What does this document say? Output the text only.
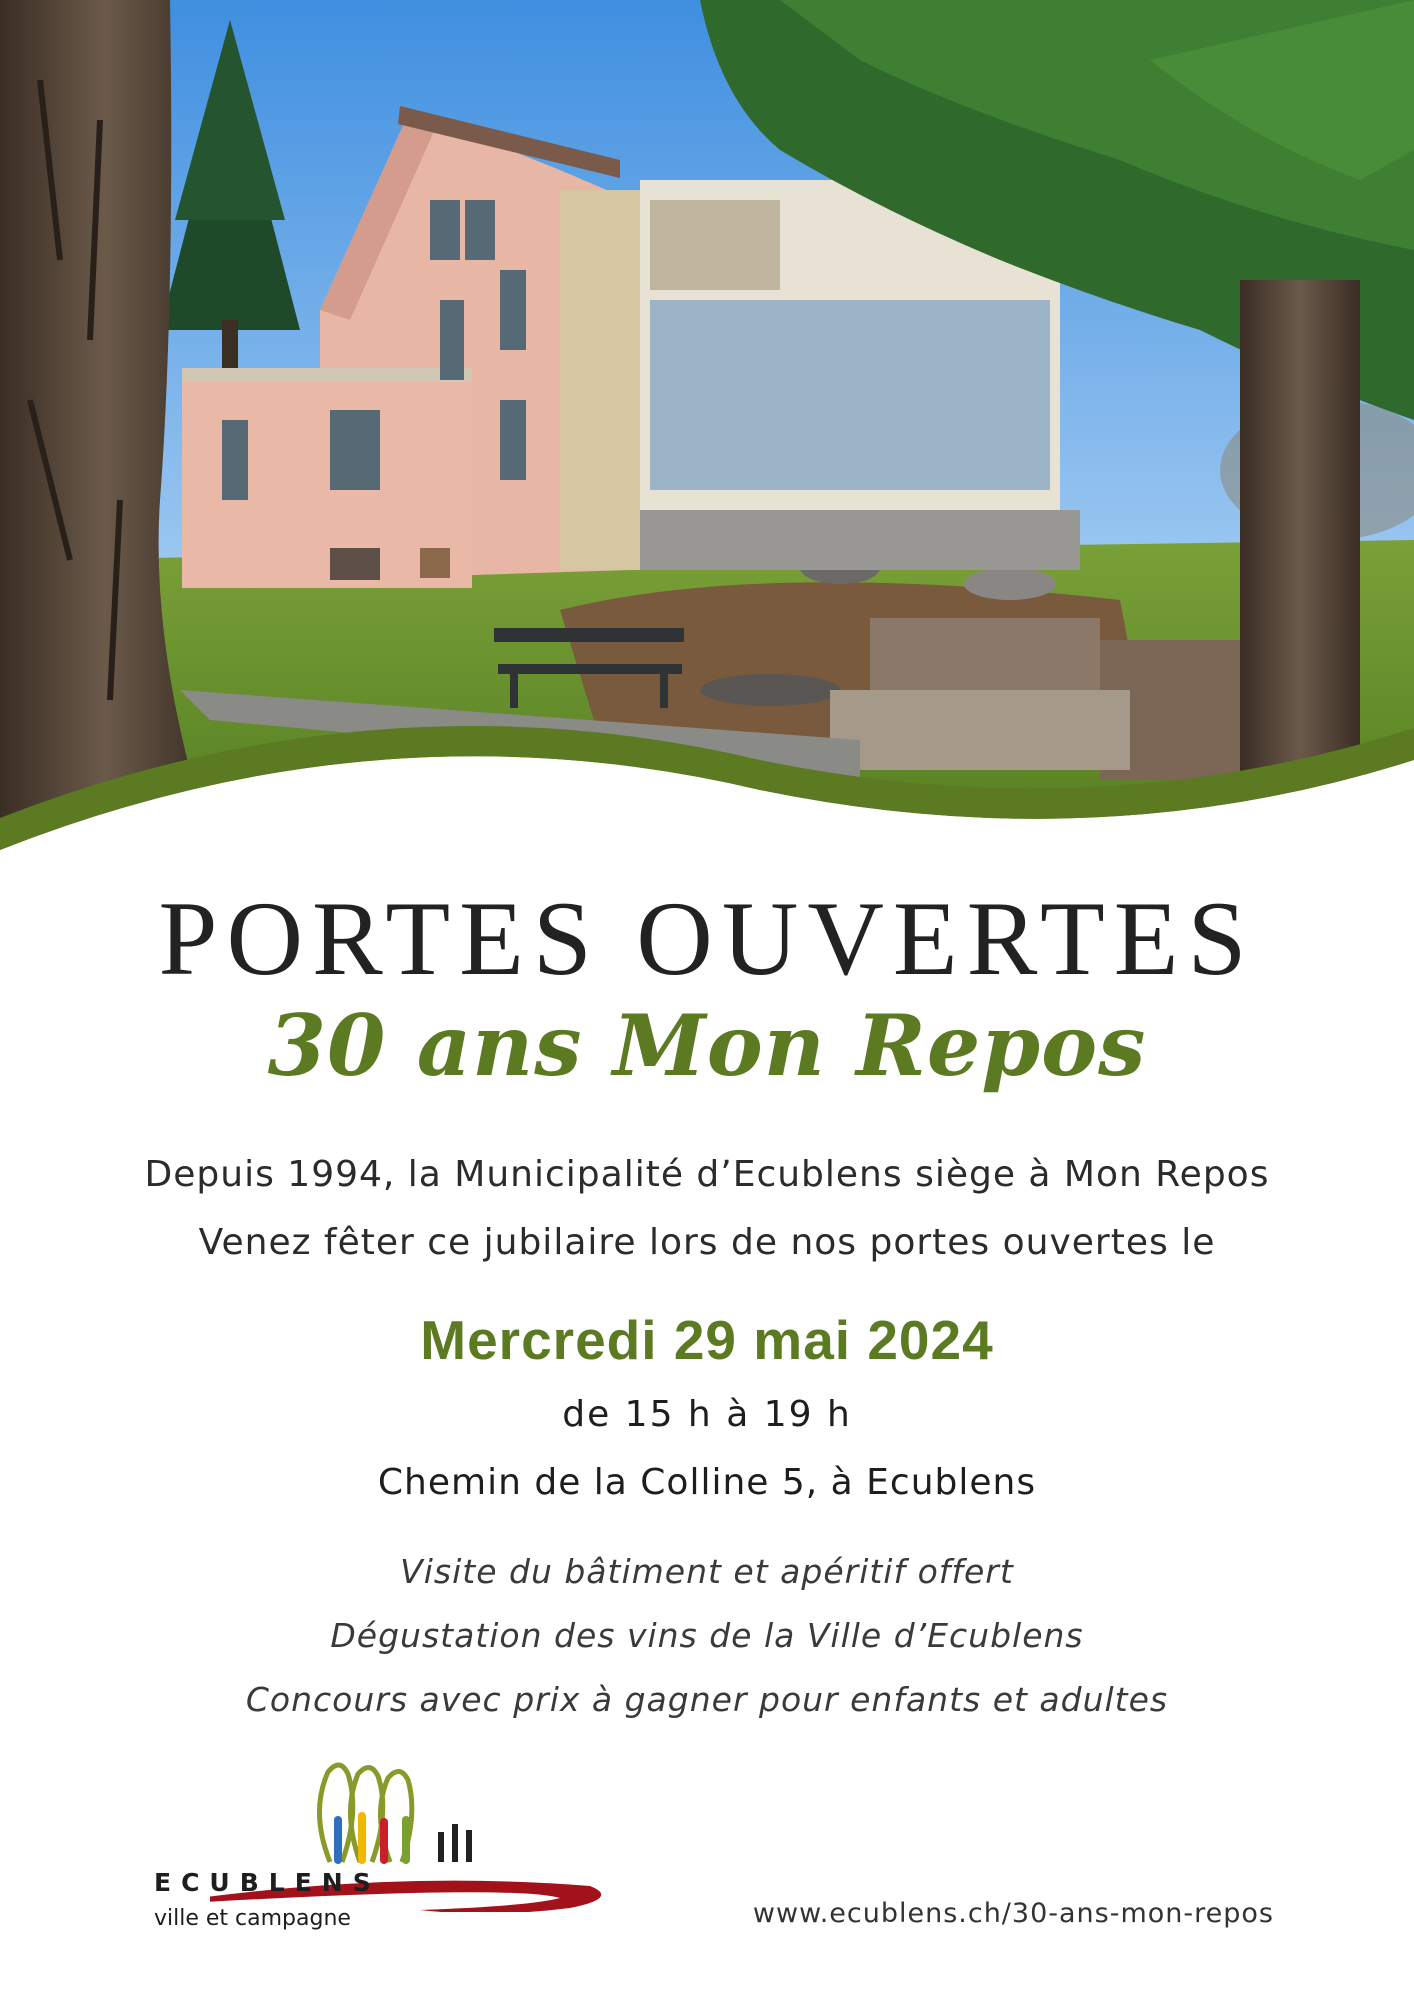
PORTES OUVERTES
30 ans Mon Repos
Depuis 1994, la Municipalité d’Ecublens siège à Mon Repos
Venez fêter ce jubilaire lors de nos portes ouvertes le
Mercredi 29 mai 2024
de 15 h à 19 h
Chemin de la Colline 5, à Ecublens
Visite du bâtiment et apéritif offert
Dégustation des vins de la Ville d’Ecublens
Concours avec prix à gagner pour enfants et adultes
ECUBLENS
ville et campagne	www.ecublens.ch/30-ans-mon-repos
